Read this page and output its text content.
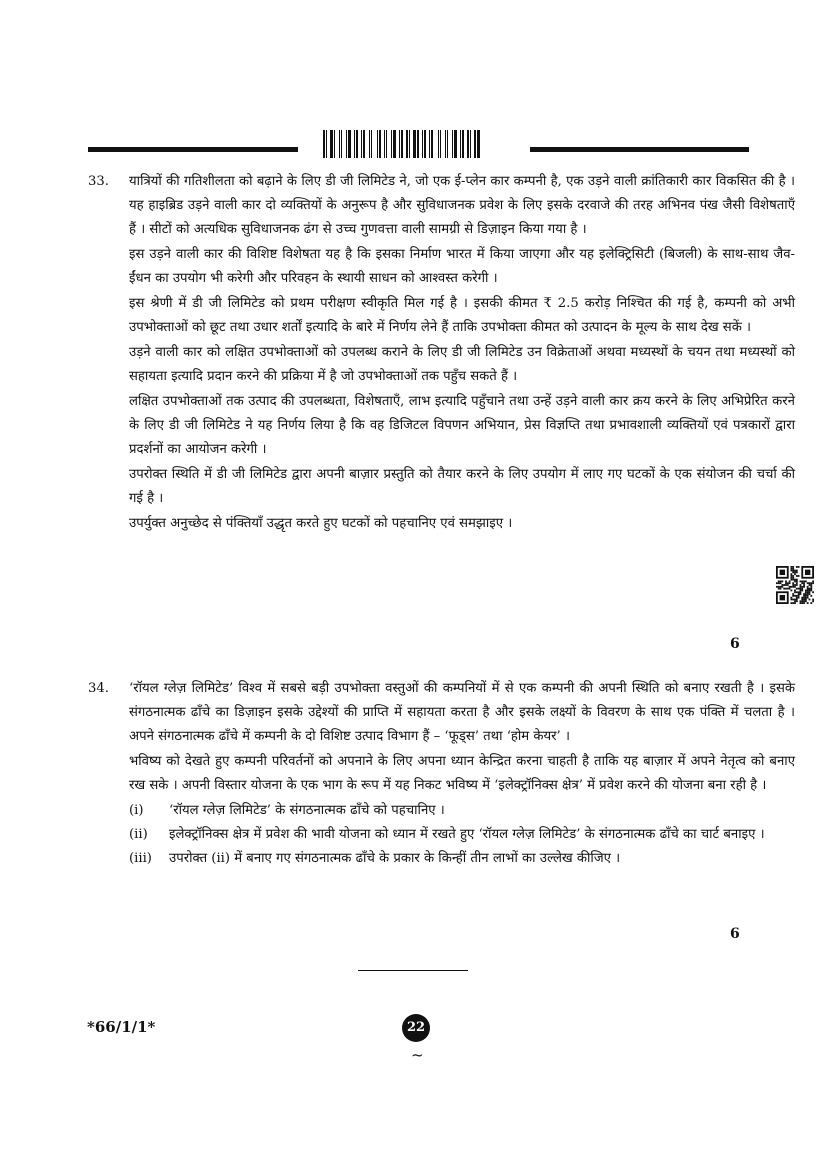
33. यात्रियों की गतिशीलता को बढ़ाने के लिए डी जी लिमिटेड ने, जो एक ई-प्लेन कार कम्पनी है, एक उड़ने वाली क्रांतिकारी कार विकसित की है । यह हाइब्रिड उड़ने वाली कार दो व्यक्तियों के अनुरूप है और सुविधाजनक प्रवेश के लिए इसके दरवाजे की तरह अभिनव पंख जैसी विशेषताएँ हैं । सीटों को अत्यधिक सुविधाजनक ढंग से उच्च गुणवत्ता वाली सामग्री से डिज़ाइन किया गया है ।

इस उड़ने वाली कार की विशिष्ट विशेषता यह है कि इसका निर्माण भारत में किया जाएगा और यह इलेक्ट्रिसिटी (बिजली) के साथ-साथ जैव-ईंधन का उपयोग भी करेगी और परिवहन के स्थायी साधन को आश्वस्त करेगी ।

इस श्रेणी में डी जी लिमिटेड को प्रथम परीक्षण स्वीकृति मिल गई है । इसकी कीमत ₹ 2.5 करोड़ निश्चित की गई है, कम्पनी को अभी उपभोक्ताओं को छूट तथा उधार शर्तों इत्यादि के बारे में निर्णय लेने हैं ताकि उपभोक्ता कीमत को उत्पादन के मूल्य के साथ देख सकें ।

उड़ने वाली कार को लक्षित उपभोक्ताओं को उपलब्ध कराने के लिए डी जी लिमिटेड उन विक्रेताओं अथवा मध्यस्थों के चयन तथा मध्यस्थों को सहायता इत्यादि प्रदान करने की प्रक्रिया में है जो उपभोक्ताओं तक पहुँच सकते हैं ।

लक्षित उपभोक्ताओं तक उत्पाद की उपलब्धता, विशेषताएँ, लाभ इत्यादि पहुँचाने तथा उन्हें उड़ने वाली कार क्रय करने के लिए अभिप्रेरित करने के लिए डी जी लिमिटेड ने यह निर्णय लिया है कि वह डिजिटल विपणन अभियान, प्रेस विज्ञप्ति तथा प्रभावशाली व्यक्तियों एवं पत्रकारों द्वारा प्रदर्शनों का आयोजन करेगी ।

उपरोक्त स्थिति में डी जी लिमिटेड द्वारा अपनी बाज़ार प्रस्तुति को तैयार करने के लिए उपयोग में लाए गए घटकों के एक संयोजन की चर्चा की गई है ।

उपर्युक्त अनुच्छेद से पंक्तियाँ उद्धृत करते हुए घटकों को पहचानिए एवं समझाइए ।

6
34. ‘रॉयल ग्लेज़ लिमिटेड’ विश्व में सबसे बड़ी उपभोक्ता वस्तुओं की कम्पनियों में से एक कम्पनी की अपनी स्थिति को बनाए रखती है । इसके संगठनात्मक ढाँचे का डिज़ाइन इसके उद्देश्यों की प्राप्ति में सहायता करता है और इसके लक्ष्यों के विवरण के साथ एक पंक्ति में चलता है । अपने संगठनात्मक ढाँचे में कम्पनी के दो विशिष्ट उत्पाद विभाग हैं – ‘फूड्स’ तथा ‘होम केयर’ ।

भविष्य को देखते हुए कम्पनी परिवर्तनों को अपनाने के लिए अपना ध्यान केन्द्रित करना चाहती है ताकि यह बाज़ार में अपने नेतृत्व को बनाए रख सके । अपनी विस्तार योजना के एक भाग के रूप में यह निकट भविष्य में ‘इलेक्ट्रॉनिक्स क्षेत्र’ में प्रवेश करने की योजना बना रही है ।

(i)	‘रॉयल ग्लेज़ लिमिटेड’ के संगठनात्मक ढाँचे को पहचानिए ।
(ii)	इलेक्ट्रॉनिक्स क्षेत्र में प्रवेश की भावी योजना को ध्यान में रखते हुए ‘रॉयल ग्लेज़ लिमिटेड’ के संगठनात्मक ढाँचे का चार्ट बनाइए ।
(iii)	उपरोक्त (ii) में बनाए गए संगठनात्मक ढाँचे के प्रकार के किन्हीं तीन लाभों का उल्लेख कीजिए ।
6
*66/1/1*	22
~
